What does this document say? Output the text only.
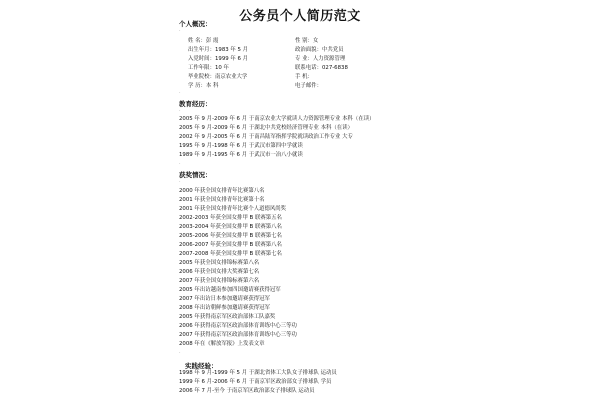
公务员个人简历范文
个人概况：
·
姓 名：彭 霞	性 别：女
出生年月：1983 年 5 月	政治面貌：中共党员
入党时间：1999 年 6 月	专 业：人力资源管理
工作年限：10 年	联系电话：027-6838
毕业院校：南京农业大学	手 机：
学 历：本 科	电子邮件：
·
教育经历：
·
2005 年 9 月-2009 年 6 月 于南京农业大学就读人力资源管理专业 本科（在读）
2005 年 9 月-2009 年 6 月 于湖北中共党校经济管理专业 本科（在读）
2002 年 9 月-2005 年 6 月 于南昌陆军指挥学院就读政治工作专业 大专
1995 年 9 月-1998 年 6 月 于武汉市第四中学就读
1989 年 9 月-1995 年 6 月 于武汉市一冶八小就读
·
获奖情况：
·
2000 年获全国女排青年比赛第八名
2001 年获全国女排青年比赛第十名
2001 年获全国女排青年比赛个人道德风尚奖
2002-2003 年获全国女排甲 B 联赛第五名
2003-2004 年获全国女排甲 B 联赛第八名
2005-2006 年获全国女排甲 B 联赛第七名
2006-2007 年获全国女排甲 B 联赛第八名
2007-2008 年获全国女排甲 B 联赛第七名
2005 年获全国女排锦标赛第八名
2006 年获全国女排大奖赛第七名
2007 年获全国女排锦标赛第六名
2005 年出访越南参加四国邀请赛获得冠军
2007 年出访日本参加邀请赛获得冠军
2008 年出访朝鲜参加邀请赛获得冠军
2005 年获得南京军区政治部体工队嘉奖
2006 年获得南京军区政治部体育训练中心三等功
2007 年获得南京军区政治部体育训练中心三等功
2008 年在《解放军报》上发表文章
·
实践经验：
1998 年 9 月-1999 年 5 月 于湖北省体工大队女子排球队 运动员
1999 年 6 月-2006 年 6 月 于南京军区政治部女子排球队 学员
2006 年 7 月-至今 于南京军区政治部女子排球队 运动员
